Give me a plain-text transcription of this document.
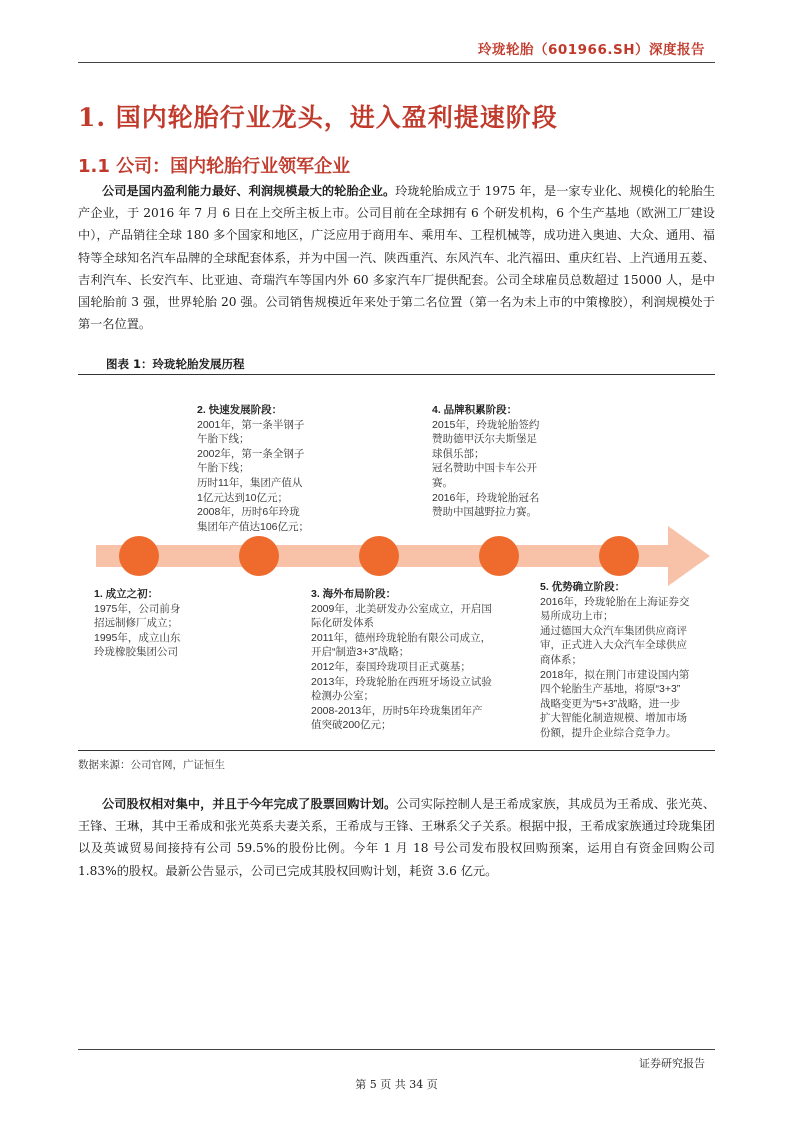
玲珑轮胎（601966.SH）深度报告
1. 国内轮胎行业龙头，进入盈利提速阶段
1.1 公司：国内轮胎行业领军企业
公司是国内盈利能力最好、利润规模最大的轮胎企业。玲珑轮胎成立于 1975 年，是一家专业化、规模化的轮胎生产企业，于 2016 年 7 月 6 日在上交所主板上市。公司目前在全球拥有 6 个研发机构，6 个生产基地（欧洲工厂建设中），产品销往全球 180 多个国家和地区，广泛应用于商用车、乘用车、工程机械等，成功进入奥迪、大众、通用、福特等全球知名汽车品牌的全球配套体系，并为中国一汽、陕西重汽、东风汽车、北汽福田、重庆红岩、上汽通用五菱、吉利汽车、长安汽车、比亚迪、奇瑞汽车等国内外 60 多家汽车厂提供配套。公司全球雇员总数超过 15000 人，是中国轮胎前 3 强，世界轮胎 20 强。公司销售规模近年来处于第二名位置（第一名为未上市的中策橡胶），利润规模处于第一名位置。
图表 1：玲珑轮胎发展历程
2. 快速发展阶段：
2001年，第一条半钢子
午胎下线；
2002年，第一条全钢子
午胎下线；
历时11年，集团产值从
1亿元达到10亿元；
2008年，历时6年玲珑
集团年产值达106亿元；
4. 品牌积累阶段：
2015年，玲珑轮胎签约
赞助德甲沃尔夫斯堡足
球俱乐部；
冠名赞助中国卡车公开
赛。
2016年，玲珑轮胎冠名
赞助中国越野拉力赛。
1. 成立之初：
1975年，公司前身
招远制修厂成立；
1995年，成立山东
玲珑橡胶集团公司
3. 海外布局阶段：
2009年，北美研发办公室成立，开启国
际化研发体系
2011年，德州玲珑轮胎有限公司成立，
开启“制造3+3”战略；
2012年，泰国玲珑项目正式奠基；
2013年，玲珑轮胎在西班牙场设立试验
检测办公室；
2008-2013年，历时5年玲珑集团年产
值突破200亿元；
5. 优势确立阶段：
2016年，玲珑轮胎在上海证券交
易所成功上市；
通过德国大众汽车集团供应商评
审，正式进入大众汽车全球供应
商体系；
2018年，拟在荆门市建设国内第
四个轮胎生产基地，将原“3+3”
战略变更为“5+3”战略，进一步
扩大智能化制造规模、增加市场
份额，提升企业综合竞争力。
数据来源：公司官网，广证恒生
公司股权相对集中，并且于今年完成了股票回购计划。公司实际控制人是王希成家族，其成员为王希成、张光英、王锋、王琳，其中王希成和张光英系夫妻关系，王希成与王锋、王琳系父子关系。根据中报，王希成家族通过玲珑集团以及英诚贸易间接持有公司 59.5%的股份比例。今年 1 月 18 号公司发布股权回购预案，运用自有资金回购公司 1.83%的股权。最新公告显示，公司已完成其股权回购计划，耗资 3.6 亿元。
证券研究报告
第 5 页 共 34 页
